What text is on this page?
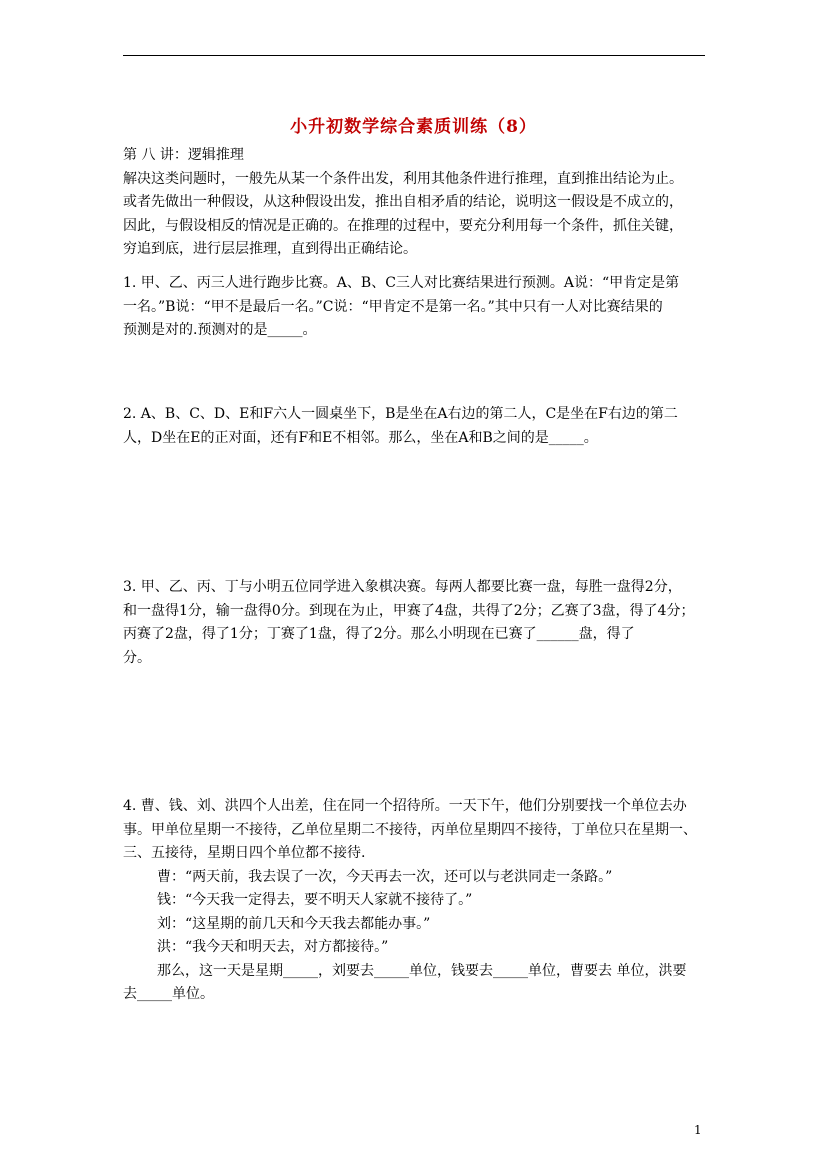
小升初数学综合素质训练（8）
第 八 讲：逻辑推理
解决这类问题时，一般先从某一个条件出发，利用其他条件进行推理，直到推出结论为止。
或者先做出一种假设，从这种假设出发，推出自相矛盾的结论，说明这一假设是不成立的，
因此，与假设相反的情况是正确的。在推理的过程中，要充分利用每一个条件，抓住关键，
穷追到底，进行层层推理，直到得出正确结论。
1. 甲、乙、丙三人进行跑步比赛。A、B、C三人对比赛结果进行预测。A说：“甲肯定是第
一名。”B说：“甲不是最后一名。”C说：“甲肯定不是第一名。”其中只有一人对比赛结果的
预测是对的.预测对的是_____。
2. A、B、C、D、E和F六人一圆桌坐下，B是坐在A右边的第二人，C是坐在F右边的第二
人，D坐在E的正对面，还有F和E不相邻。那么，坐在A和B之间的是_____。
3. 甲、乙、丙、丁与小明五位同学进入象棋决赛。每两人都要比赛一盘，每胜一盘得2分，
和一盘得1分，输一盘得0分。到现在为止，甲赛了4盘，共得了2分；乙赛了3盘，得了4分；
丙赛了2盘，得了1分；丁赛了1盘，得了2分。那么小明现在已赛了______盘，得了
分。
4. 曹、钱、刘、洪四个人出差，住在同一个招待所。一天下午，他们分别要找一个单位去办
事。甲单位星期一不接待，乙单位星期二不接待，丙单位星期四不接待，丁单位只在星期一、
三、五接待，星期日四个单位都不接待.
曹：“两天前，我去误了一次，今天再去一次，还可以与老洪同走一条路。”
钱：“今天我一定得去，要不明天人家就不接待了。”
刘：“这星期的前几天和今天我去都能办事。”
洪：“我今天和明天去，对方都接待。”
那么，这一天是星期_____，刘要去_____单位，钱要去_____单位，曹要去 单位，洪要
去_____单位。
1
